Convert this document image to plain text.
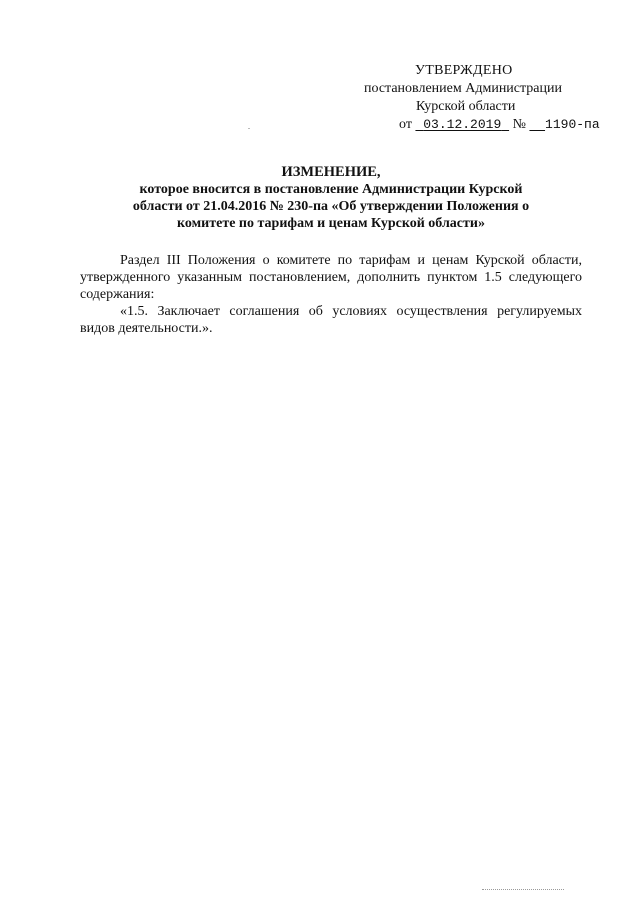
УТВЕРЖДЕНО
постановлением Администрации
Курской области
от 03.12.2019 № 1190-па
ИЗМЕНЕНИЕ,
которое вносится в постановление Администрации Курской
области от 21.04.2016 № 230-па «Об утверждении Положения о
комитете по тарифам и ценам Курской области»

Раздел III Положения о комитете по тарифам и ценам Курской области, утвержденного указанным постановлением, дополнить пунктом 1.5 следующего содержания:

«1.5. Заключает соглашения об условиях осуществления регулируемых видов деятельности.».
